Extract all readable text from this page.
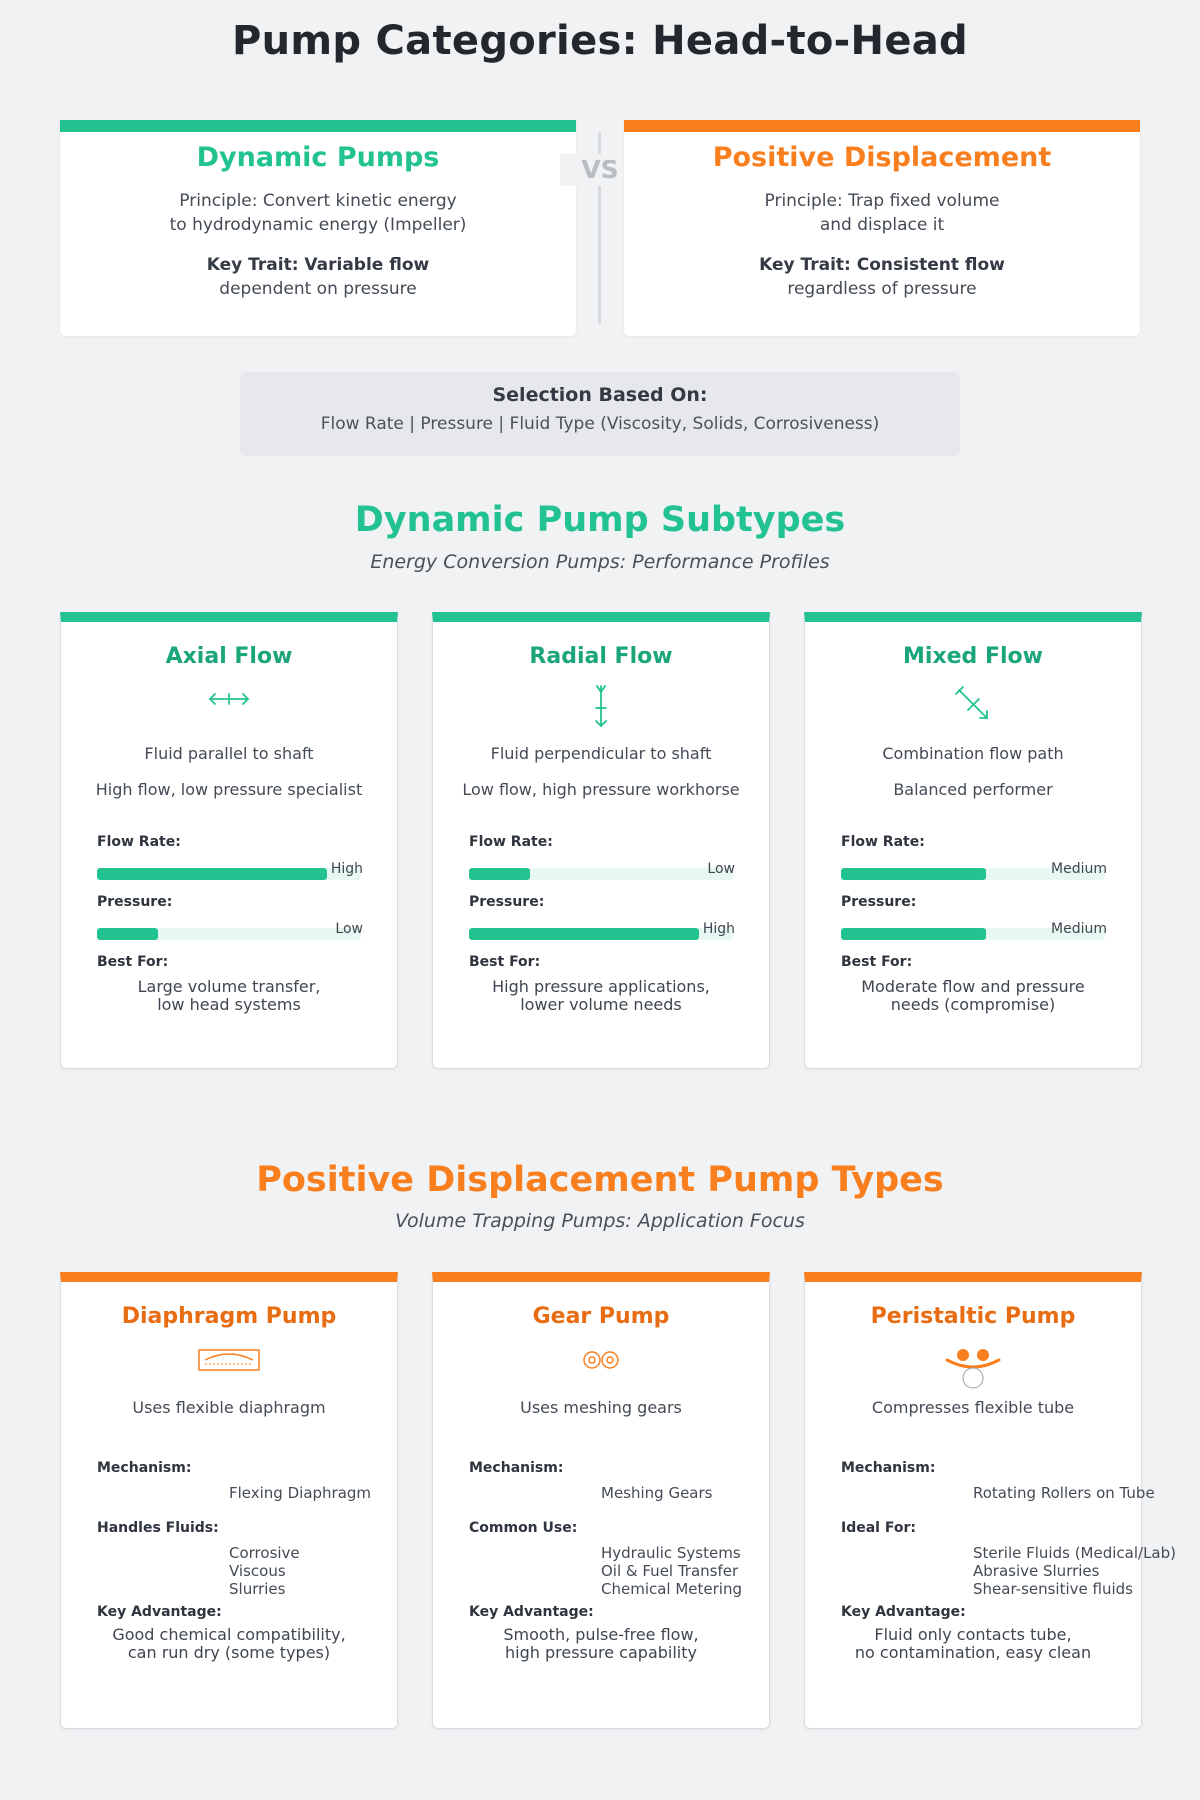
Pump Categories: Head-to-Head
Dynamic Pumps
Principle: Convert kinetic energy
to hydrodynamic energy (Impeller)
Key Trait: Variable flow
dependent on pressure
VS	Positive Displacement
Principle: Trap fixed volume
and displace it
Key Trait: Consistent flow
regardless of pressure
Selection Based On:
Flow Rate | Pressure | Fluid Type (Viscosity, Solids, Corrosiveness)
Dynamic Pump Subtypes
Energy Conversion Pumps: Performance Profiles
Axial Flow
Fluid parallel to shaft
High flow, low pressure specialist
Flow Rate:
High
Pressure:
Low
Best For:
Large volume transfer,
low head systems
Radial Flow
Fluid perpendicular to shaft
Low flow, high pressure workhorse
Flow Rate:
Low
Pressure:
High
Best For:
High pressure applications,
lower volume needs
Mixed Flow
Combination flow path
Balanced performer
Flow Rate:
Medium
Pressure:
Medium
Best For:
Moderate flow and pressure
needs (compromise)
Positive Displacement Pump Types
Volume Trapping Pumps: Application Focus
Diaphragm Pump
Uses flexible diaphragm
Mechanism:
Flexing Diaphragm
Handles Fluids:
Corrosive
Viscous
Slurries
Key Advantage:
Good chemical compatibility,
can run dry (some types)
Gear Pump
Uses meshing gears
Mechanism:
Meshing Gears
Common Use:
Hydraulic Systems
Oil & Fuel Transfer
Chemical Metering
Key Advantage:
Smooth, pulse-free flow,
high pressure capability
Peristaltic Pump
Compresses flexible tube
Mechanism:
Rotating Rollers on Tube
Ideal For:
Sterile Fluids (Medical/Lab)
Abrasive Slurries
Shear-sensitive fluids
Key Advantage:
Fluid only contacts tube,
no contamination, easy clean
